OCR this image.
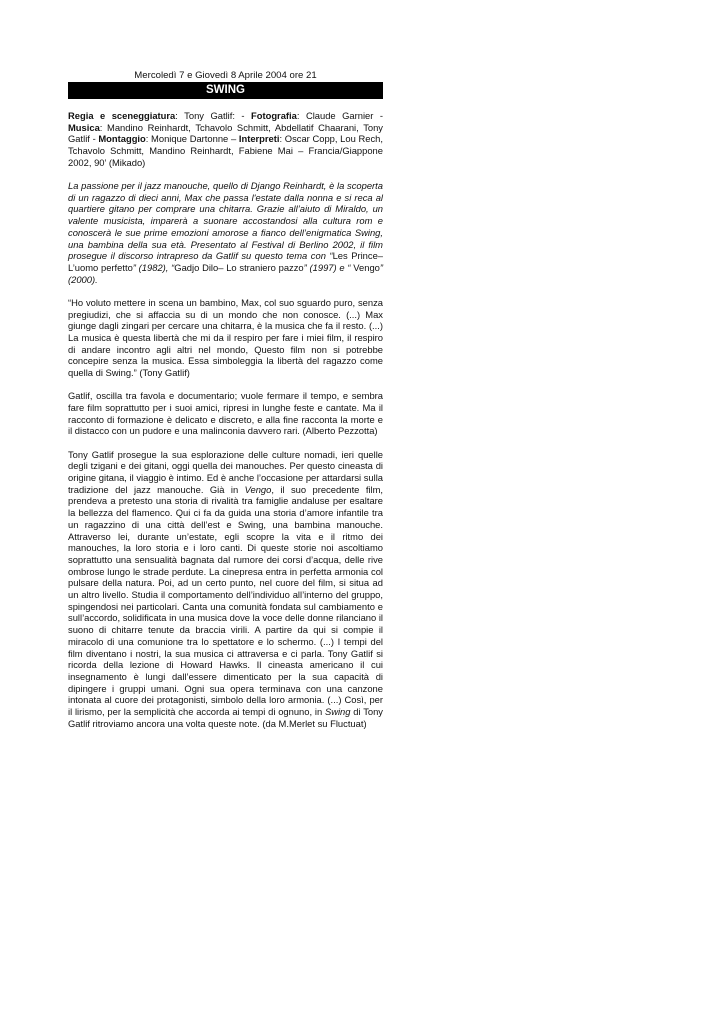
Mercoledì 7 e Giovedì 8 Aprile 2004 ore 21
SWING
Regia e sceneggiatura: Tony Gatlif: - Fotografia: Claude Garnier - Musica: Mandino Reinhardt, Tchavolo Schmitt, Abdellatif Chaarani, Tony Gatlif - Montaggio: Monique Dartonne – Interpreti: Oscar Copp, Lou Rech, Tchavolo Schmitt, Mandino Reinhardt, Fabiene Mai – Francia/Giappone 2002, 90’ (Mikado)

La passione per il jazz manouche, quello di Django Reinhardt, è la scoperta di un ragazzo di dieci anni, Max che passa l'estate dalla nonna e si reca al quartiere gitano per comprare una chitarra. Grazie all’aiuto di Miraldo, un valente musicista, imparerà a suonare accostandosi alla cultura rom e conoscerà le sue prime emozioni amorose a fianco dell’enigmatica Swing, una bambina della sua età. Presentato al Festival di Berlino 2002, il film prosegue il discorso intrapreso da Gatlif su questo tema con “Les Prince–L’uomo perfetto” (1982), “Gadjo Dilo– Lo straniero pazzo” (1997) e “ Vengo” (2000).

“Ho voluto mettere in scena un bambino, Max, col suo sguardo puro, senza pregiudizi, che si affaccia su di un mondo che non conosce. (...) Max giunge dagli zingari per cercare una chitarra, è la musica che fa il resto. (...) La musica è questa libertà che mi da il respiro per fare i miei film, il respiro di andare incontro agli altri nel mondo, Questo film non si potrebbe concepire senza la musica. Essa simboleggia la libertà del ragazzo come quella di Swing.” (Tony Gatlif)

Gatlif, oscilla tra favola e documentario; vuole fermare il tempo, e sembra fare film soprattutto per i suoi amici, ripresi in lunghe feste e cantate. Ma il racconto di formazione è delicato e discreto, e alla fine racconta la morte e il distacco con un pudore e una malinconia davvero rari. (Alberto Pezzotta)

Tony Gatlif prosegue la sua esplorazione delle culture nomadi, ieri quelle degli tzigani e dei gitani, oggi quella dei manouches. Per questo cineasta di origine gitana, il viaggio è intimo. Ed è anche l’occasione per attardarsi sulla tradizione del jazz manouche. Già in Vengo, il suo precedente film, prendeva a pretesto una storia di rivalità tra famiglie andaluse per esaltare la bellezza del flamenco. Qui ci fa da guida una storia d’amore infantile tra un ragazzino di una città dell’est e Swing, una bambina manouche. Attraverso lei, durante un’estate, egli scopre la vita e il ritmo dei manouches, la loro storia e i loro canti. Di queste storie noi ascoltiamo soprattutto una sensualità bagnata dal rumore dei corsi d’acqua, delle rive ombrose lungo le strade perdute. La cinepresa entra in perfetta armonia col pulsare della natura. Poi, ad un certo punto, nel cuore del film, si situa ad un altro livello. Studia il comportamento dell’individuo all’interno del gruppo, spingendosi nei particolari. Canta una comunità fondata sul cambiamento e sull’accordo, solidificata in una musica dove la voce delle donne rilanciano il suono di chitarre tenute da braccia virili. A partire da qui si compie il miracolo di una comunione tra lo spettatore e lo schermo. (...) I tempi del film diventano i nostri, la sua musica ci attraversa e ci parla. Tony Gatlif si ricorda della lezione di Howard Hawks. Il cineasta americano il cui insegnamento è lungi dall’essere dimenticato per la sua capacità di dipingere i gruppi umani. Ogni sua opera terminava con una canzone intonata al cuore dei protagonisti, simbolo della loro armonia. (...) Così, per il lirismo, per la semplicità che accorda ai tempi di ognuno, in Swing di Tony Gatlif ritroviamo ancora una volta queste note. (da M.Merlet su Fluctuat)
